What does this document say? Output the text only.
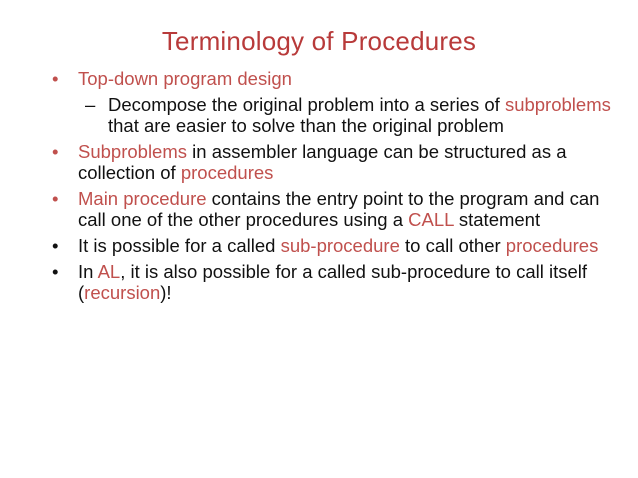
Terminology of Procedures
•	Top-down program design
– Decompose the original problem into a series of subproblems that are easier to solve than the original problem
•	Subproblems in assembler language can be structured as a collection of procedures
•	Main procedure contains the entry point to the program and can call one of the other procedures using a CALL statement
•	It is possible for a called sub-procedure to call other procedures
•	In AL, it is also possible for a called sub-procedure to call itself (recursion)!
